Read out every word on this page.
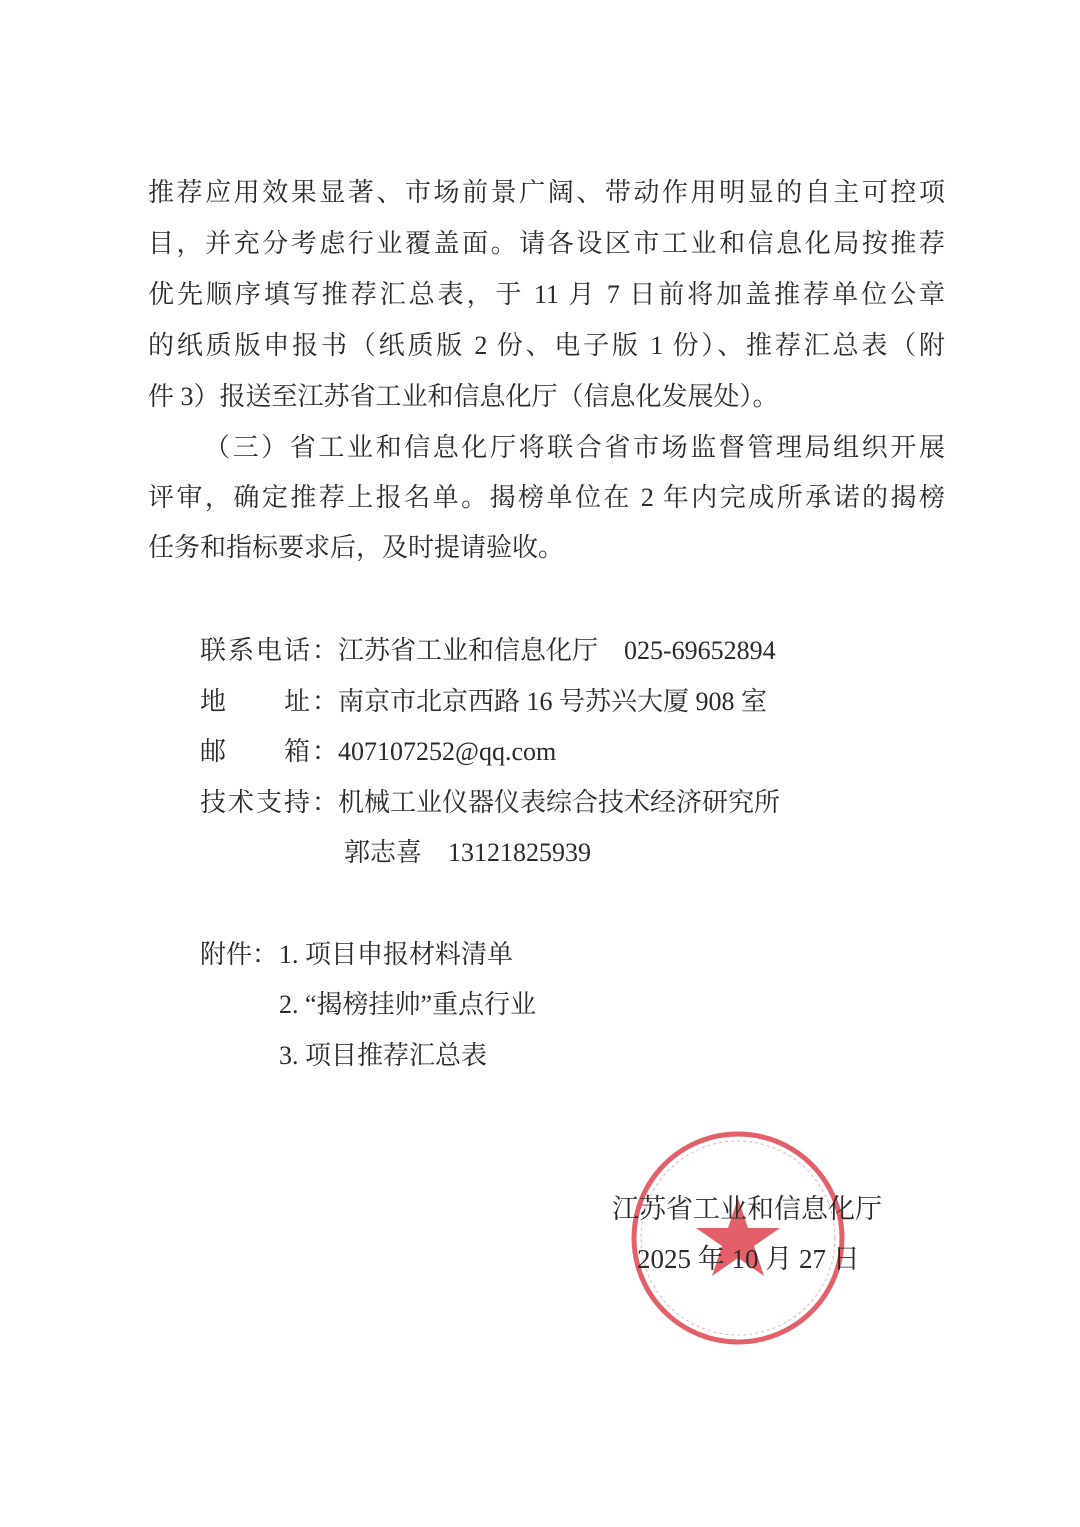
推荐应用效果显著、市场前景广阔、带动作用明显的自主可控项
目，并充分考虑行业覆盖面。请各设区市工业和信息化局按推荐
优先顺序填写推荐汇总表，于 11 月 7 日前将加盖推荐单位公章
的纸质版申报书（纸质版 2 份、电子版 1 份）、推荐汇总表（附
件 3）报送至江苏省工业和信息化厅（信息化发展处）。
（三）省工业和信息化厅将联合省市场监督管理局组织开展
评审，确定推荐上报名单。揭榜单位在 2 年内完成所承诺的揭榜
任务和指标要求后，及时提请验收。
联系电话：江苏省工业和信息化厅　025-69652894
地　　址：南京市北京西路 16 号苏兴大厦 908 室
邮　　箱：407107252@qq.com
技术支持：机械工业仪器仪表综合技术经济研究所
郭志喜　13121825939
附件： 1. 项目申报材料清单
2. “揭榜挂帅”重点行业
3. 项目推荐汇总表
江苏省工业和信息化厅
2025 年 10 月 27 日
